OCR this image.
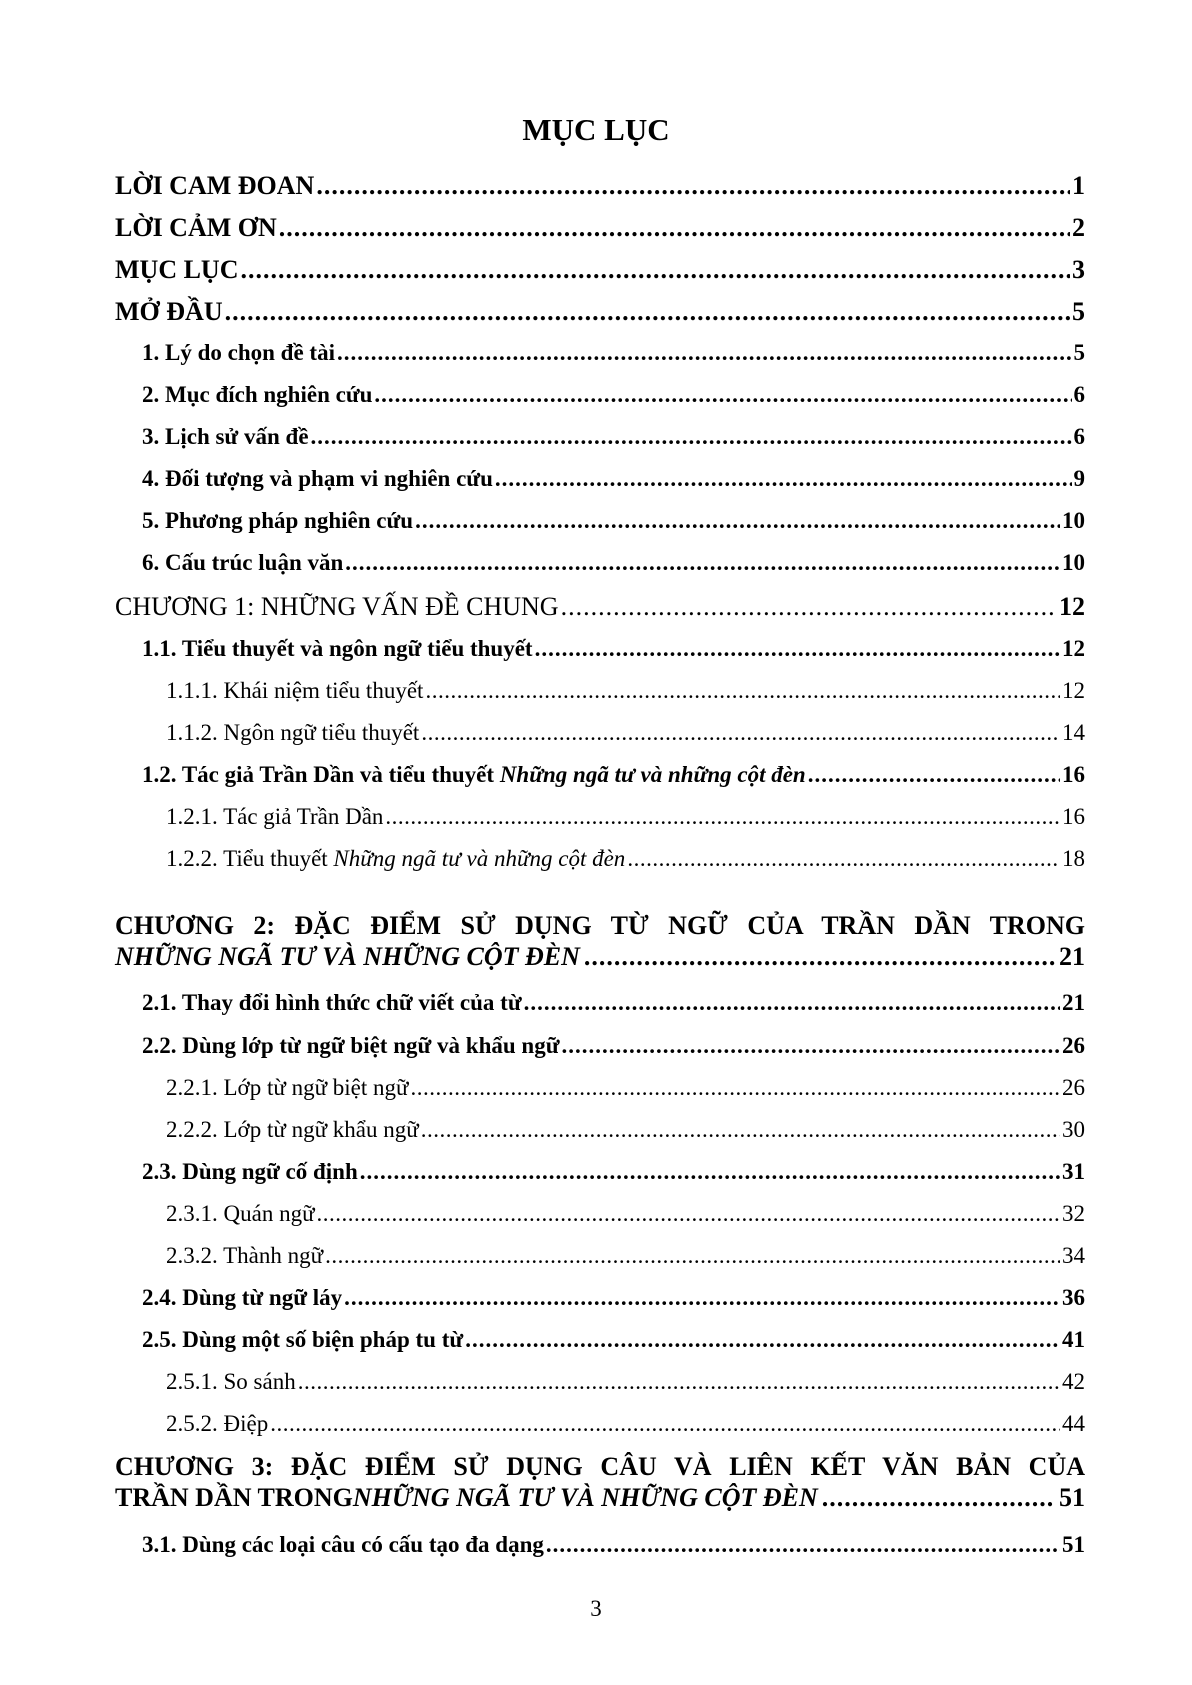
MỤC LỤC
LỜI CAM ĐOAN .....	1
LỜI CẢM ƠN .....	2
MỤC LỤC .....	3
MỞ ĐẦU .....	5
1. Lý do chọn đề tài .....	5
2. Mục đích nghiên cứu .....	6
3. Lịch sử vấn đề .....	6
4. Đối tượng và phạm vi nghiên cứu .....	9
5. Phương pháp nghiên cứu .....	10
6. Cấu trúc luận văn .....	10
CHƯƠNG 1: NHỮNG VẤN ĐỀ CHUNG .....	12
1.1. Tiểu thuyết và ngôn ngữ tiểu thuyết .....	12
1.1.1. Khái niệm tiểu thuyết .....	12
1.1.2. Ngôn ngữ tiểu thuyết .....	14
1.2. Tác giả Trần Dần và tiểu thuyết Những ngã tư và những cột đèn .....	16
1.2.1. Tác giả Trần Dần .....	16
1.2.2. Tiểu thuyết Những ngã tư và những cột đèn .....	18
CHƯƠNG 2: ĐẶC ĐIỂM SỬ DỤNG TỪ NGỮ CỦA TRẦN DẦN TRONG
NHỮNG NGÃ TƯ VÀ NHỮNG CỘT ĐÈN .....	21
2.1. Thay đổi hình thức chữ viết của từ .....	21
2.2. Dùng lớp từ ngữ biệt ngữ và khẩu ngữ .....	26
2.2.1. Lớp từ ngữ biệt ngữ .....	26
2.2.2. Lớp từ ngữ khẩu ngữ .....	30
2.3. Dùng ngữ cố định .....	31
2.3.1. Quán ngữ .....	32
2.3.2. Thành ngữ .....	34
2.4. Dùng từ ngữ láy .....	36
2.5. Dùng một số biện pháp tu từ .....	41
2.5.1. So sánh .....	42
2.5.2. Điệp .....	44
CHƯƠNG 3: ĐẶC ĐIỂM SỬ DỤNG CÂU VÀ LIÊN KẾT VĂN BẢN CỦA
TRẦN DẦN TRONG NHỮNG NGÃ TƯ VÀ NHỮNG CỘT ĐÈN .....	51
3.1. Dùng các loại câu có cấu tạo đa dạng .....	51
3
